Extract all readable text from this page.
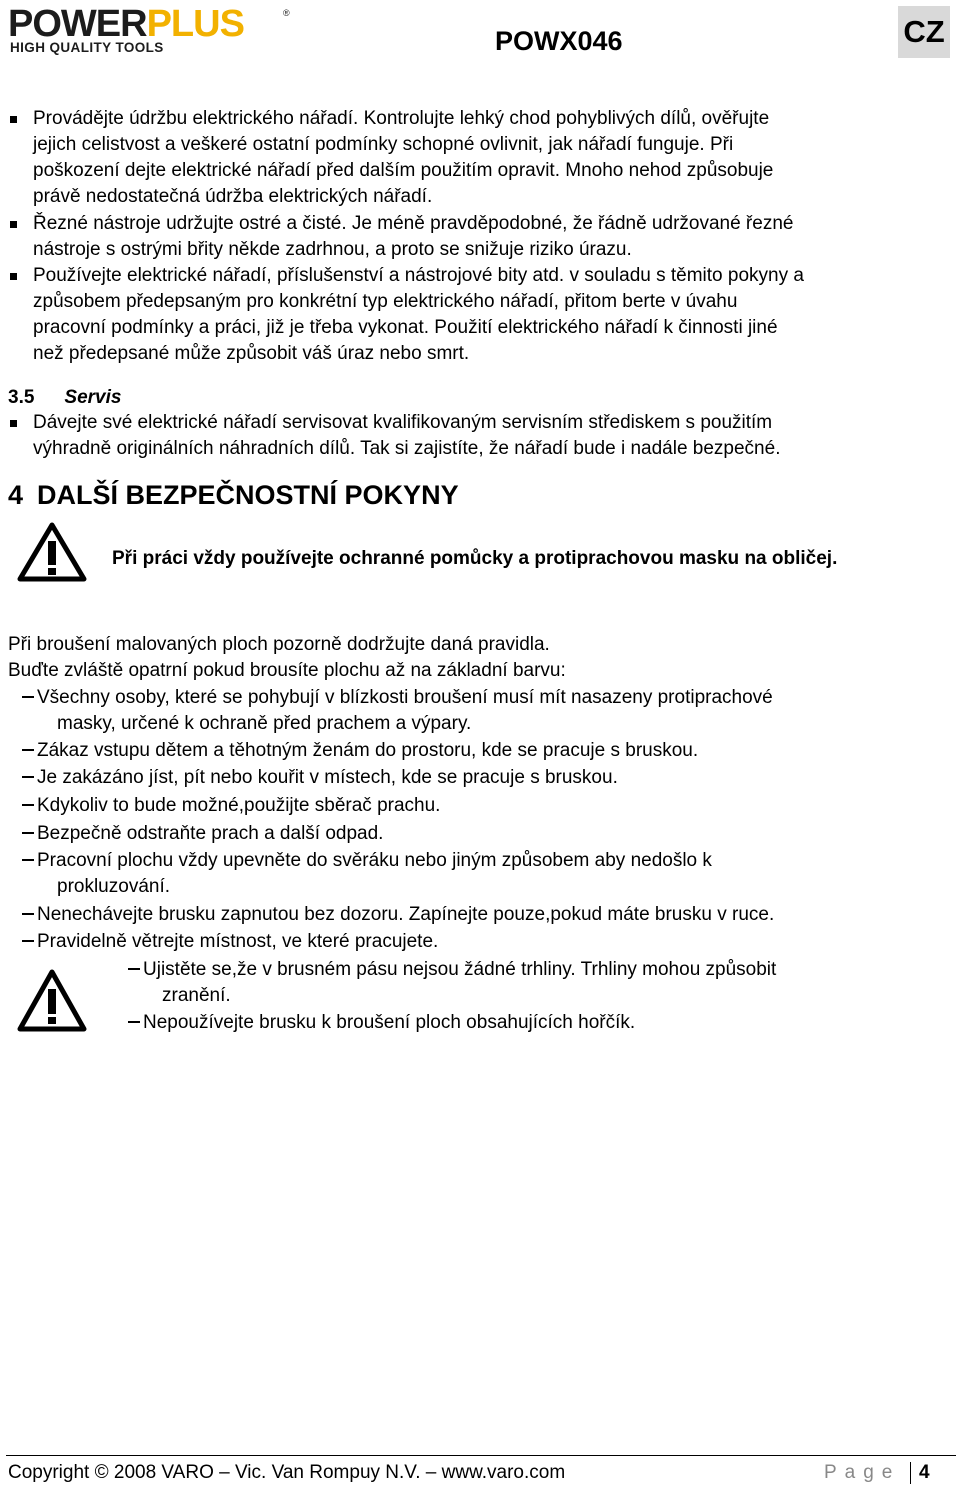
POWERPLUS	®
HIGH QUALITY TOOLS	POWX046	CZ
Provádějte údržbu elektrického nářadí. Kontrolujte lehký chod pohyblivých dílů, ověřujte
jejich celistvost a veškeré ostatní podmínky schopné ovlivnit, jak nářadí funguje. Při
poškození dejte elektrické nářadí před dalším použitím opravit. Mnoho nehod způsobuje
právě nedostatečná údržba elektrických nářadí.
Řezné nástroje udržujte ostré a čisté. Je méně pravděpodobné, že řádně udržované řezné
nástroje s ostrými břity někde zadrhnou, a proto se snižuje riziko úrazu.
Používejte elektrické nářadí, příslušenství a nástrojové bity atd. v souladu s těmito pokyny a
způsobem předepsaným pro konkrétní typ elektrického nářadí, přitom berte v úvahu
pracovní podmínky a práci, již je třeba vykonat. Použití elektrického nářadí k činnosti jiné
než předepsané může způsobit váš úraz nebo smrt.
3.5 Servis
Dávejte své elektrické nářadí servisovat kvalifikovaným servisním střediskem s použitím
výhradně originálních náhradních dílů. Tak si zajistíte, že nářadí bude i nadále bezpečné.
4 DALŠÍ BEZPEČNOSTNÍ POKYNY
Při práci vždy používejte ochranné pomůcky a protiprachovou masku na obličej.
Při broušení malovaných ploch pozorně dodržujte daná pravidla.
Buďte zvláště opatrní pokud brousíte plochu až na základní barvu:
Všechny osoby, které se pohybují v blízkosti broušení musí mít nasazeny protiprachové
masky, určené k ochraně před prachem a výpary.
Zákaz vstupu dětem a těhotným ženám do prostoru, kde se pracuje s bruskou.
Je zakázáno jíst, pít nebo kouřit v místech, kde se pracuje s bruskou.
Kdykoliv to bude možné,použijte sběrač prachu.
Bezpečně odstraňte prach a další odpad.
Pracovní plochu vždy upevněte do svěráku nebo jiným způsobem aby nedošlo k
prokluzování.
Nenechávejte brusku zapnutou bez dozoru. Zapínejte pouze,pokud máte brusku v ruce.
Pravidelně větrejte místnost, ve které pracujete.
Ujistěte se,že v brusném pásu nejsou žádné trhliny. Trhliny mohou způsobit
zranění.
Nepoužívejte brusku k broušení ploch obsahujících hořčík.
Copyright © 2008 VARO – Vic. Van Rompuy N.V. – www.varo.com	Page 4
